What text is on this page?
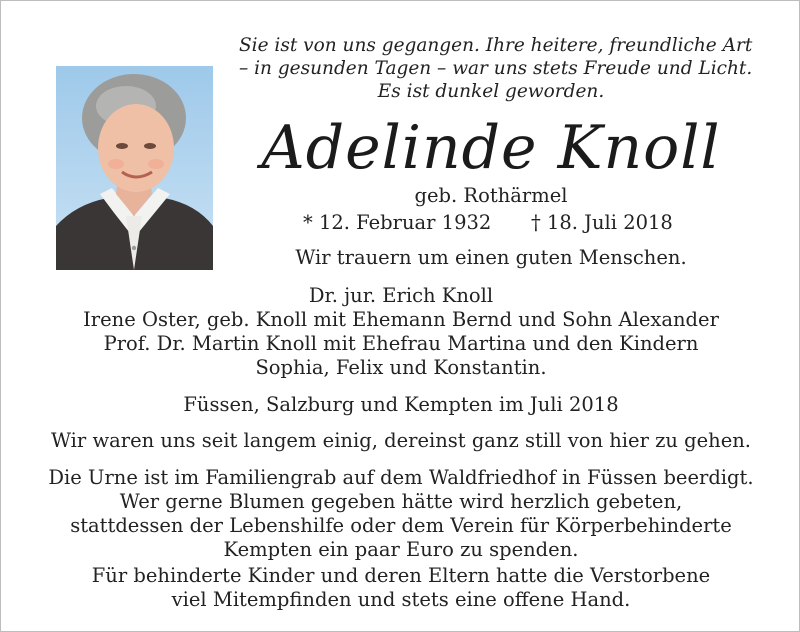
Sie ist von uns gegangen. Ihre heitere, freundliche Art
– in gesunden Tagen – war uns stets Freude und Licht.
Es ist dunkel geworden.
Adelinde Knoll
geb. Rothärmel
* 12. Februar 1932 † 18. Juli 2018
Wir trauern um einen guten Menschen.
Dr. jur. Erich Knoll
Irene Oster, geb. Knoll mit Ehemann Bernd und Sohn Alexander
Prof. Dr. Martin Knoll mit Ehefrau Martina und den Kindern
Sophia, Felix und Konstantin.
Füssen, Salzburg und Kempten im Juli 2018
Wir waren uns seit langem einig, dereinst ganz still von hier zu gehen.
Die Urne ist im Familiengrab auf dem Waldfriedhof in Füssen beerdigt.
Wer gerne Blumen gegeben hätte wird herzlich gebeten,
stattdessen der Lebenshilfe oder dem Verein für Körperbehinderte
Kempten ein paar Euro zu spenden.
Für behinderte Kinder und deren Eltern hatte die Verstorbene
viel Mitempfinden und stets eine offene Hand.
